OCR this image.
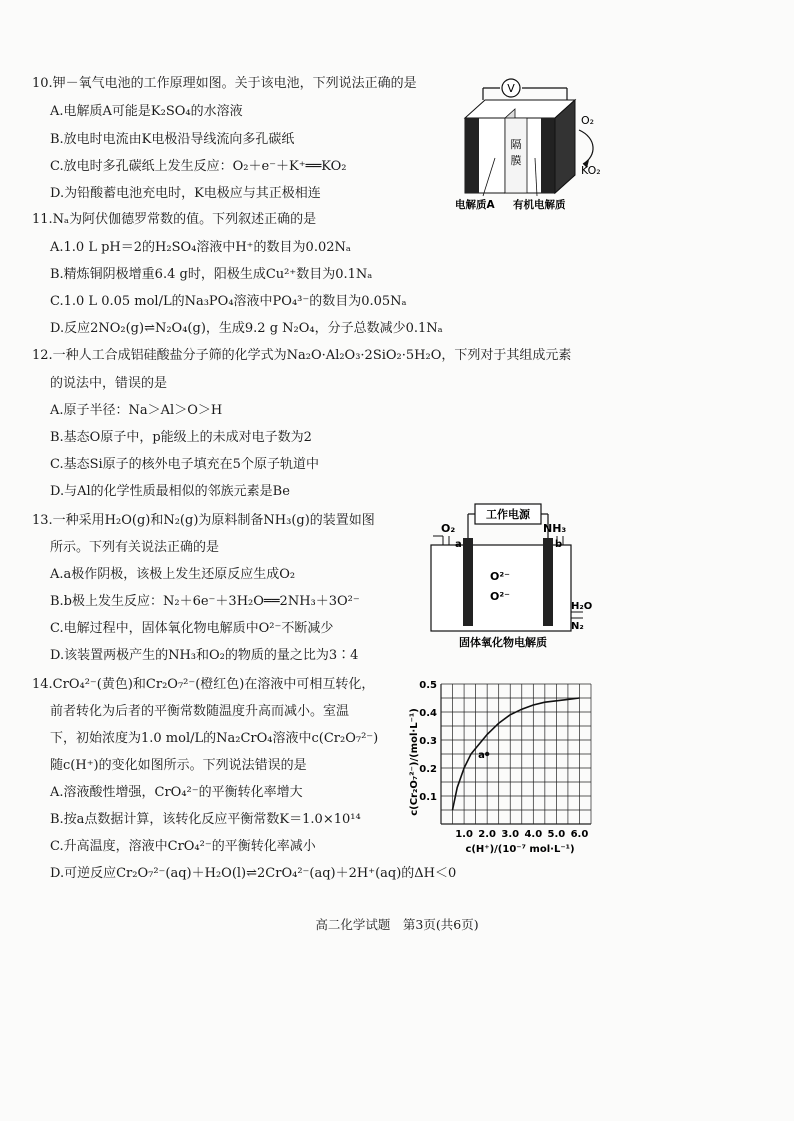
10.钾－氧气电池的工作原理如图。关于该电池，下列说法正确的是
A.电解质A可能是K₂SO₄的水溶液
B.放电时电流由K电极沿导线流向多孔碳纸
C.放电时多孔碳纸上发生反应：O₂＋e⁻＋K⁺══KO₂
D.为铅酸蓄电池充电时，K电极应与其正极相连
V
隔
膜
O₂
KO₂
电解质A 有机电解质
11.Nₐ为阿伏伽德罗常数的值。下列叙述正确的是
A.1.0 L pH＝2的H₂SO₄溶液中H⁺的数目为0.02Nₐ
B.精炼铜阴极增重6.4 g时，阳极生成Cu²⁺数目为0.1Nₐ
C.1.0 L 0.05 mol/L的Na₃PO₄溶液中PO₄³⁻的数目为0.05Nₐ
D.反应2NO₂(g)⇌N₂O₄(g)，生成9.2 g N₂O₄，分子总数减少0.1Nₐ
12.一种人工合成铝硅酸盐分子筛的化学式为Na₂O·Al₂O₃·2SiO₂·5H₂O，下列对于其组成元素
的说法中，错误的是
A.原子半径：Na＞Al＞O＞H
B.基态O原子中，p能级上的未成对电子数为2
C.基态Si原子的核外电子填充在5个原子轨道中
D.与Al的化学性质最相似的邻族元素是Be
13.一种采用H₂O(g)和N₂(g)为原料制备NH₃(g)的装置如图
所示。下列有关说法正确的是
A.a极作阴极，该极上发生还原反应生成O₂
B.b极上发生反应：N₂＋6e⁻＋3H₂O══2NH₃＋3O²⁻
C.电解过程中，固体氧化物电解质中O²⁻不断减少
D.该装置两极产生的NH₃和O₂的物质的量之比为3∶4
工作电源
O₂	NH₃
a	b
O²⁻
O²⁻
H₂O
N₂
固体氧化物电解质
14.CrO₄²⁻(黄色)和Cr₂O₇²⁻(橙红色)在溶液中可相互转化，
前者转化为后者的平衡常数随温度升高而减小。室温
下，初始浓度为1.0 mol/L的Na₂CrO₄溶液中c(Cr₂O₇²⁻)
随c(H⁺)的变化如图所示。下列说法错误的是
A.溶液酸性增强，CrO₄²⁻的平衡转化率增大
B.按a点数据计算，该转化反应平衡常数K＝1.0×10¹⁴
C.升高温度，溶液中CrO₄²⁻的平衡转化率减小
D.可逆反应Cr₂O₇²⁻(aq)＋H₂O(l)⇌2CrO₄²⁻(aq)＋2H⁺(aq)的ΔH＜0
1.0 2.0 3.0 4.0 5.0 6.0
0.1
0.2
0.3
0.4
0.5
a
c(H⁺)/(10⁻⁷ mol·L⁻¹)
c(Cr₂O₇²⁻)/(mol·L⁻¹)
高二化学试题　第3页(共6页)
